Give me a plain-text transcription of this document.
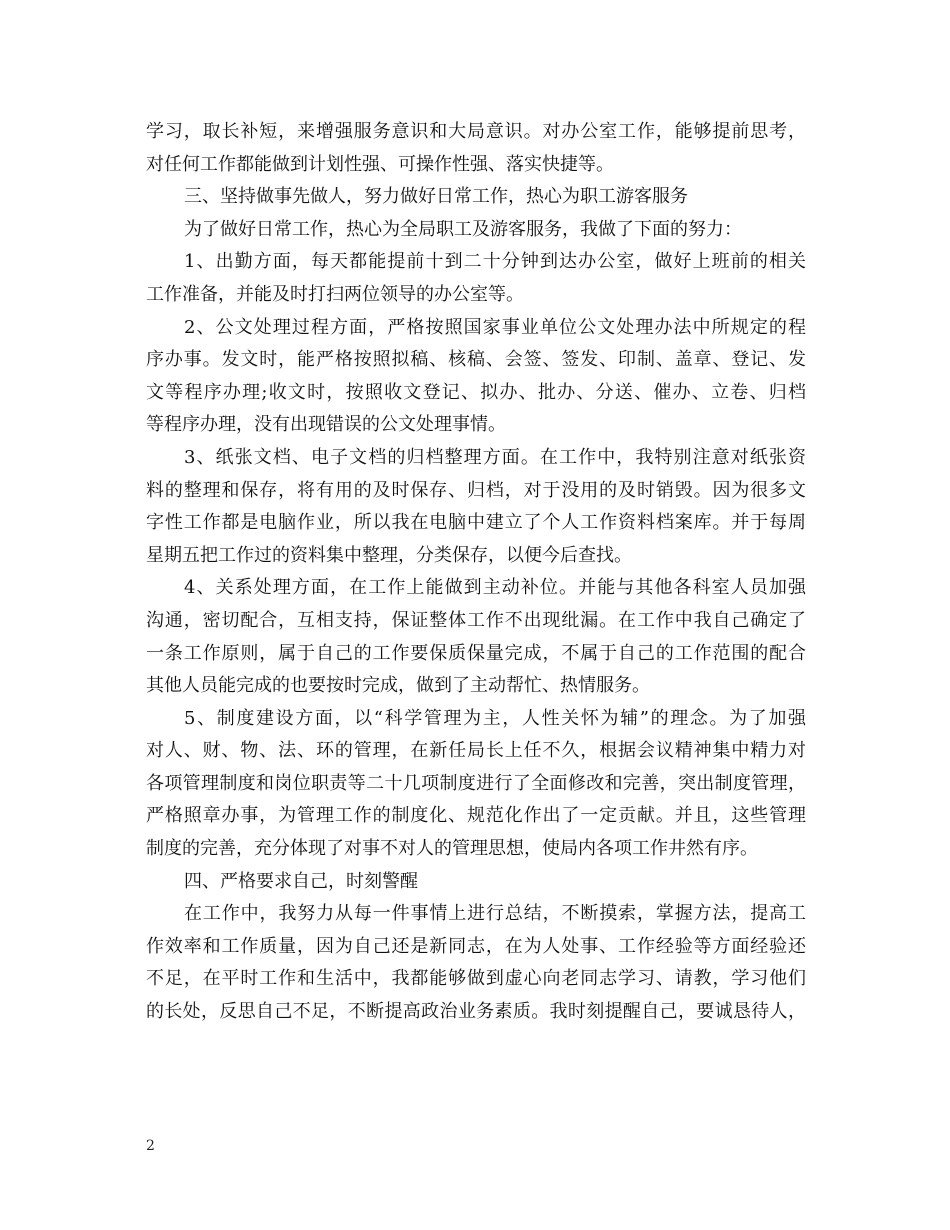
学习，取长补短，来增强服务意识和大局意识。对办公室工作，能够提前思考，
对任何工作都能做到计划性强、可操作性强、落实快捷等。
三、坚持做事先做人，努力做好日常工作，热心为职工游客服务
为了做好日常工作，热心为全局职工及游客服务，我做了下面的努力：
1、出勤方面，每天都能提前十到二十分钟到达办公室，做好上班前的相关
工作准备，并能及时打扫两位领导的办公室等。
2、公文处理过程方面，严格按照国家事业单位公文处理办法中所规定的程
序办事。发文时，能严格按照拟稿、核稿、会签、签发、印制、盖章、登记、发
文等程序办理;收文时，按照收文登记、拟办、批办、分送、催办、立卷、归档
等程序办理，没有出现错误的公文处理事情。
3、纸张文档、电子文档的归档整理方面。在工作中，我特别注意对纸张资
料的整理和保存，将有用的及时保存、归档，对于没用的及时销毁。因为很多文
字性工作都是电脑作业，所以我在电脑中建立了个人工作资料档案库。并于每周
星期五把工作过的资料集中整理，分类保存，以便今后查找。
4、关系处理方面，在工作上能做到主动补位。并能与其他各科室人员加强
沟通，密切配合，互相支持，保证整体工作不出现纰漏。在工作中我自己确定了
一条工作原则，属于自己的工作要保质保量完成，不属于自己的工作范围的配合
其他人员能完成的也要按时完成，做到了主动帮忙、热情服务。
5、制度建设方面，以“科学管理为主，人性关怀为辅”的理念。为了加强
对人、财、物、法、环的管理，在新任局长上任不久，根据会议精神集中精力对
各项管理制度和岗位职责等二十几项制度进行了全面修改和完善，突出制度管理，
严格照章办事，为管理工作的制度化、规范化作出了一定贡献。并且，这些管理
制度的完善，充分体现了对事不对人的管理思想，使局内各项工作井然有序。
四、严格要求自己，时刻警醒
在工作中，我努力从每一件事情上进行总结，不断摸索，掌握方法，提高工
作效率和工作质量，因为自己还是新同志，在为人处事、工作经验等方面经验还
不足，在平时工作和生活中，我都能够做到虚心向老同志学习、请教，学习他们
的长处，反思自己不足，不断提高政治业务素质。我时刻提醒自己，要诚恳待人，
2
